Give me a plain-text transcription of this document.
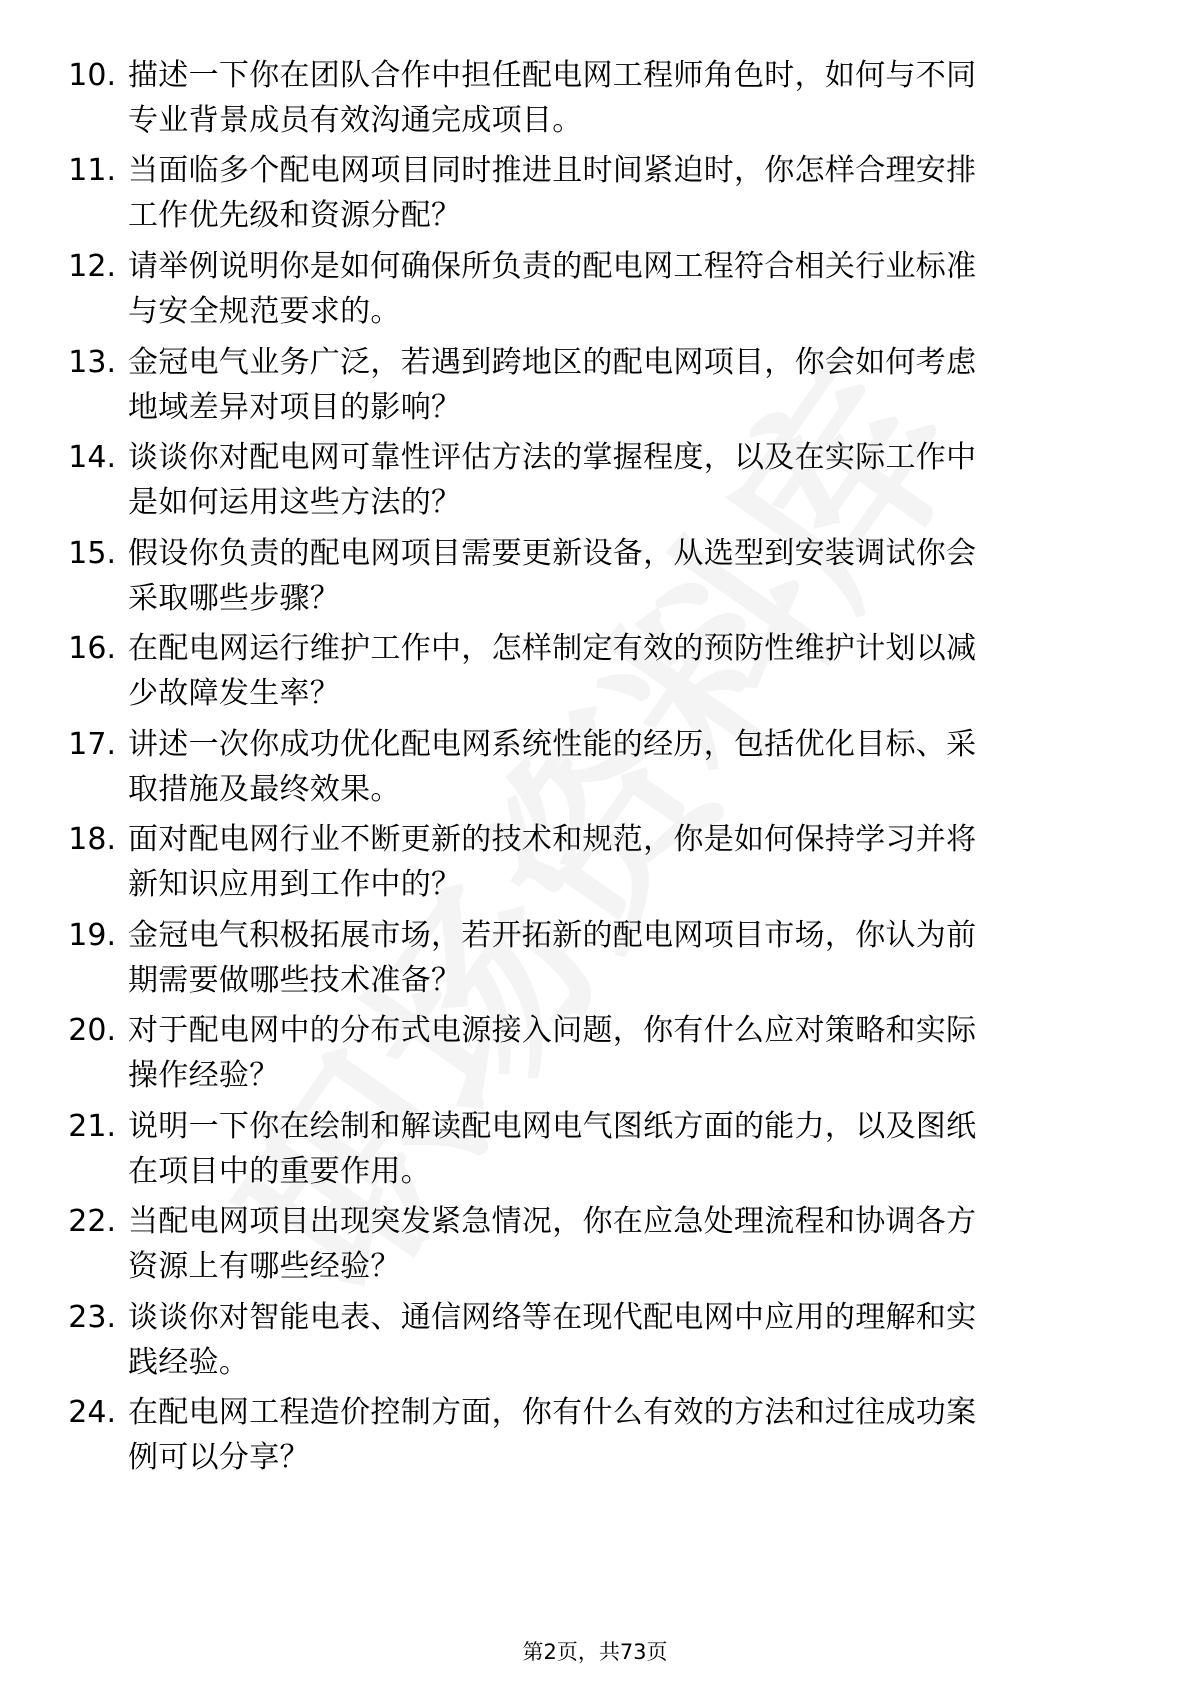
10. 描述一下你在团队合作中担任配电网工程师角色时，如何与不同
专业背景成员有效沟通完成项目。
11. 当面临多个配电网项目同时推进且时间紧迫时，你怎样合理安排
工作优先级和资源分配？
12. 请举例说明你是如何确保所负责的配电网工程符合相关行业标准
与安全规范要求的。
13. 金冠电气业务广泛，若遇到跨地区的配电网项目，你会如何考虑
地域差异对项目的影响？
14. 谈谈你对配电网可靠性评估方法的掌握程度，以及在实际工作中
是如何运用这些方法的？
15. 假设你负责的配电网项目需要更新设备，从选型到安装调试你会
采取哪些步骤？
16. 在配电网运行维护工作中，怎样制定有效的预防性维护计划以减
少故障发生率？
17. 讲述一次你成功优化配电网系统性能的经历，包括优化目标、采
取措施及最终效果。
18. 面对配电网行业不断更新的技术和规范，你是如何保持学习并将
新知识应用到工作中的？
19. 金冠电气积极拓展市场，若开拓新的配电网项目市场，你认为前
期需要做哪些技术准备？
20. 对于配电网中的分布式电源接入问题，你有什么应对策略和实际
操作经验？
21. 说明一下你在绘制和解读配电网电气图纸方面的能力，以及图纸
在项目中的重要作用。
22. 当配电网项目出现突发紧急情况，你在应急处理流程和协调各方
资源上有哪些经验？
23. 谈谈你对智能电表、通信网络等在现代配电网中应用的理解和实
践经验。
24. 在配电网工程造价控制方面，你有什么有效的方法和过往成功案
例可以分享？
第2页，共73页
